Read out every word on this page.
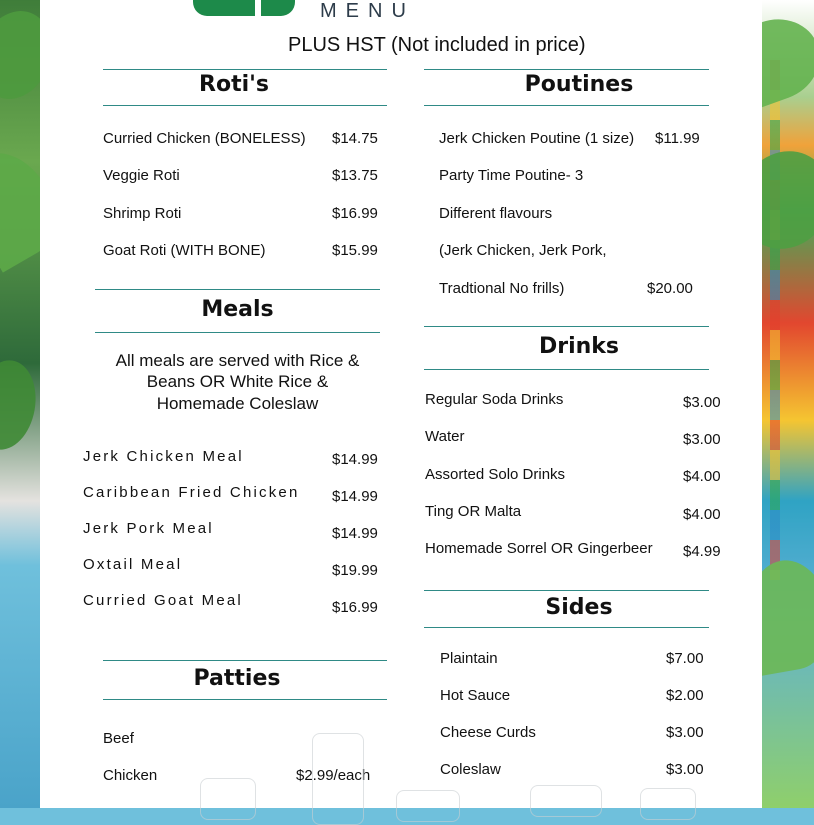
MENU
PLUS HST (Not included in price)
Roti's
Curried Chicken (BONELESS) $14.75
Veggie Roti	$13.75
Shrimp Roti	$16.99
Goat Roti (WITH BONE)	$15.99
Meals
All meals are served with Rice &
Beans OR White Rice &
Homemade Coleslaw
Jerk Chicken Meal	$14.99
Caribbean Fried Chicken $14.99
Jerk Pork Meal	$14.99
Oxtail Meal	$19.99
Curried Goat Meal	$16.99
Patties
Beef
Chicken	$2.99/each
Poutines
Jerk Chicken Poutine (1 size) $11.99
Party Time Poutine- 3
Different flavours
(Jerk Chicken, Jerk Pork,
Tradtional No frills)	$20.00
Drinks
Regular Soda Drinks	$3.00
Water	$3.00
Assorted Solo Drinks	$4.00
Ting OR Malta	$4.00
Homemade Sorrel OR Gingerbeer $4.99
Sides
Plaintain	$7.00
Hot Sauce	$2.00
Cheese Curds	$3.00
Coleslaw	$3.00
